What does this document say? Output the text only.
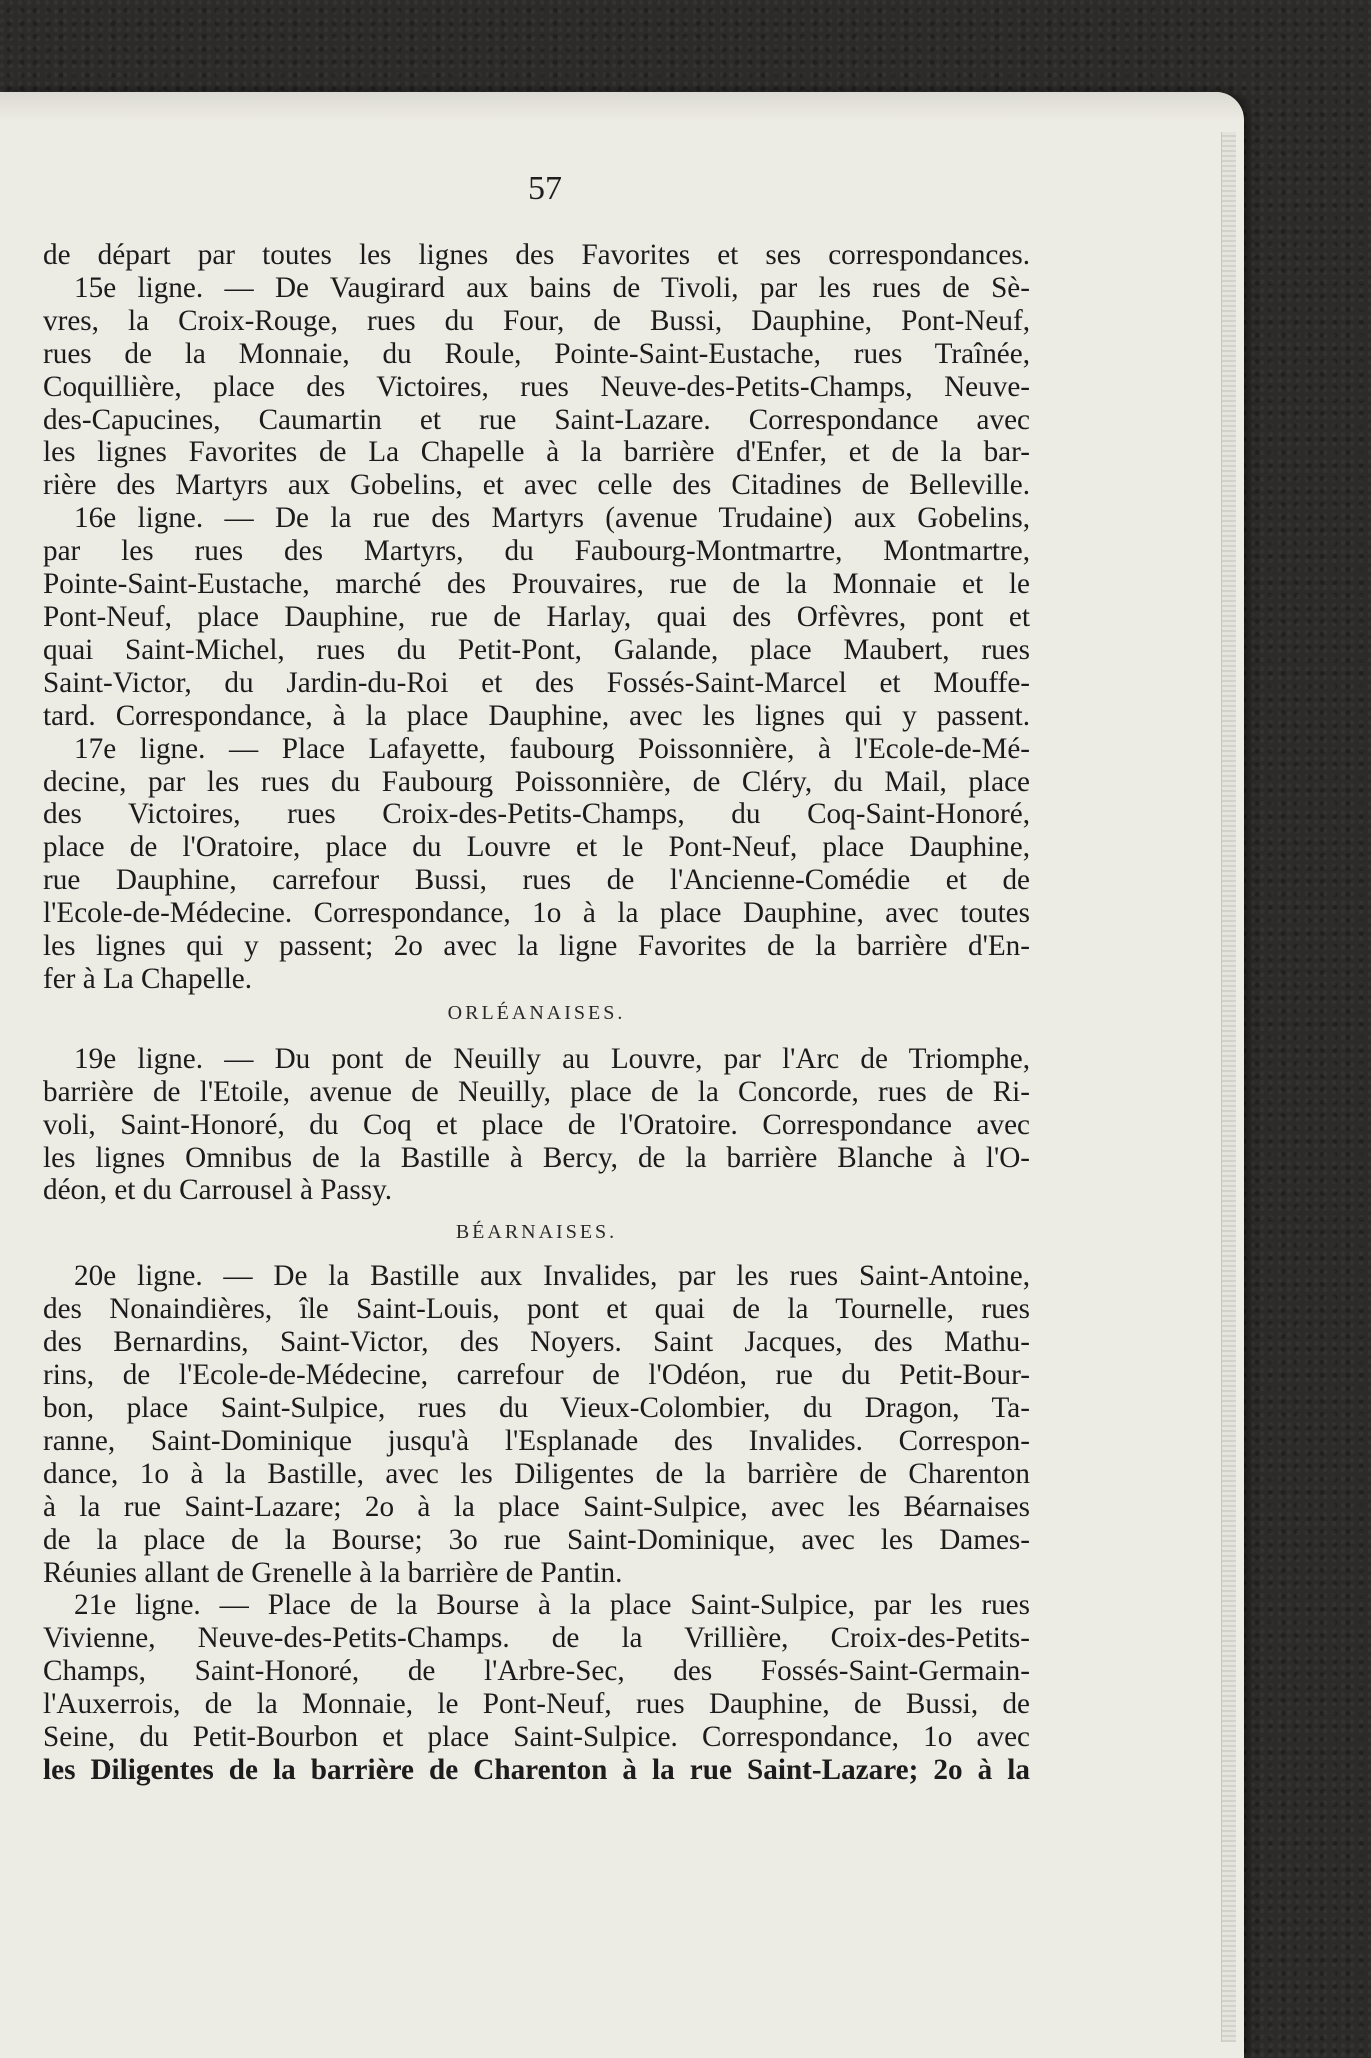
57
de départ par toutes les lignes des Favorites et ses correspondances.
15e ligne. — De Vaugirard aux bains de Tivoli, par les rues de Sè-
vres, la Croix-Rouge, rues du Four, de Bussi, Dauphine, Pont-Neuf,
rues de la Monnaie, du Roule, Pointe-Saint-Eustache, rues Traînée,
Coquillière, place des Victoires, rues Neuve-des-Petits-Champs, Neuve-
des-Capucines, Caumartin et rue Saint-Lazare. Correspondance avec
les lignes Favorites de La Chapelle à la barrière d'Enfer, et de la bar-
rière des Martyrs aux Gobelins, et avec celle des Citadines de Belleville.
16e ligne. — De la rue des Martyrs (avenue Trudaine) aux Gobelins,
par les rues des Martyrs, du Faubourg-Montmartre, Montmartre,
Pointe-Saint-Eustache, marché des Prouvaires, rue de la Monnaie et le
Pont-Neuf, place Dauphine, rue de Harlay, quai des Orfèvres, pont et
quai Saint-Michel, rues du Petit-Pont, Galande, place Maubert, rues
Saint-Victor, du Jardin-du-Roi et des Fossés-Saint-Marcel et Mouffe-
tard. Correspondance, à la place Dauphine, avec les lignes qui y passent.
17e ligne. — Place Lafayette, faubourg Poissonnière, à l'Ecole-de-Mé-
decine, par les rues du Faubourg Poissonnière, de Cléry, du Mail, place
des Victoires, rues Croix-des-Petits-Champs, du Coq-Saint-Honoré,
place de l'Oratoire, place du Louvre et le Pont-Neuf, place Dauphine,
rue Dauphine, carrefour Bussi, rues de l'Ancienne-Comédie et de
l'Ecole-de-Médecine. Correspondance, 1o à la place Dauphine, avec toutes
les lignes qui y passent; 2o avec la ligne Favorites de la barrière d'En-
fer à La Chapelle.
ORLÉANAISES.
19e ligne. — Du pont de Neuilly au Louvre, par l'Arc de Triomphe,
barrière de l'Etoile, avenue de Neuilly, place de la Concorde, rues de Ri-
voli, Saint-Honoré, du Coq et place de l'Oratoire. Correspondance avec
les lignes Omnibus de la Bastille à Bercy, de la barrière Blanche à l'O-
déon, et du Carrousel à Passy.
BÉARNAISES.
20e ligne. — De la Bastille aux Invalides, par les rues Saint-Antoine,
des Nonaindières, île Saint-Louis, pont et quai de la Tournelle, rues
des Bernardins, Saint-Victor, des Noyers. Saint Jacques, des Mathu-
rins, de l'Ecole-de-Médecine, carrefour de l'Odéon, rue du Petit-Bour-
bon, place Saint-Sulpice, rues du Vieux-Colombier, du Dragon, Ta-
ranne, Saint-Dominique jusqu'à l'Esplanade des Invalides. Correspon-
dance, 1o à la Bastille, avec les Diligentes de la barrière de Charenton
à la rue Saint-Lazare; 2o à la place Saint-Sulpice, avec les Béarnaises
de la place de la Bourse; 3o rue Saint-Dominique, avec les Dames-
Réunies allant de Grenelle à la barrière de Pantin.
21e ligne. — Place de la Bourse à la place Saint-Sulpice, par les rues
Vivienne, Neuve-des-Petits-Champs. de la Vrillière, Croix-des-Petits-
Champs, Saint-Honoré, de l'Arbre-Sec, des Fossés-Saint-Germain-
l'Auxerrois, de la Monnaie, le Pont-Neuf, rues Dauphine, de Bussi, de
Seine, du Petit-Bourbon et place Saint-Sulpice. Correspondance, 1o avec
les Diligentes de la barrière de Charenton à la rue Saint-Lazare; 2o à la
